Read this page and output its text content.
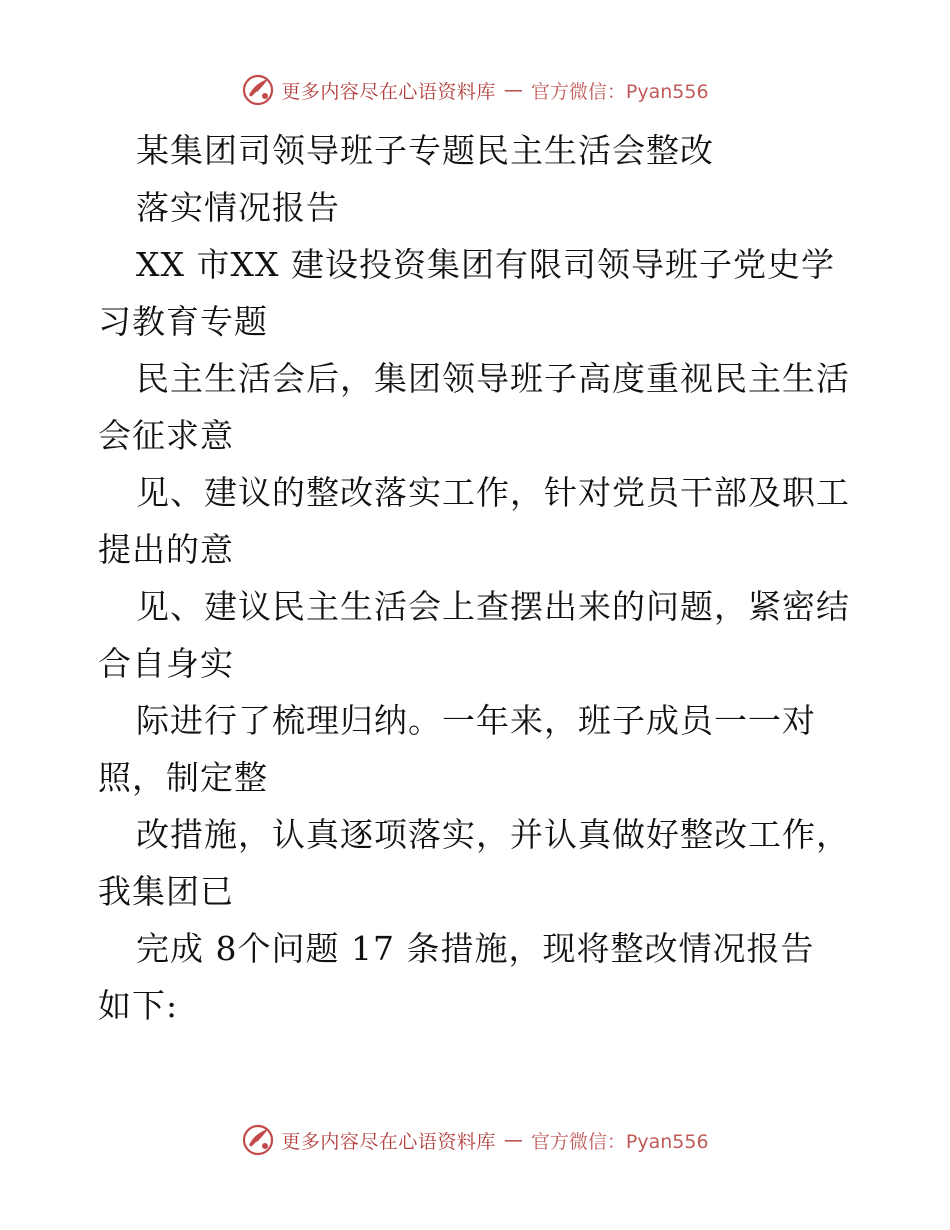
更多内容尽在心语资料库 — 官方微信：Pyan556
某集团司领导班子专题民主生活会整改
落实情况报告
XX 市XX 建设投资集团有限司领导班子党史学
习教育专题
民主生活会后，集团领导班子高度重视民主生活
会征求意
见、建议的整改落实工作，针对党员干部及职工
提出的意
见、建议民主生活会上查摆出来的问题，紧密结
合自身实
际进行了梳理归纳。一年来，班子成员一一对
照，制定整
改措施，认真逐项落实，并认真做好整改工作，
我集团已
完成 8个问题 17 条措施，现将整改情况报告
如下:
更多内容尽在心语资料库 — 官方微信：Pyan556
